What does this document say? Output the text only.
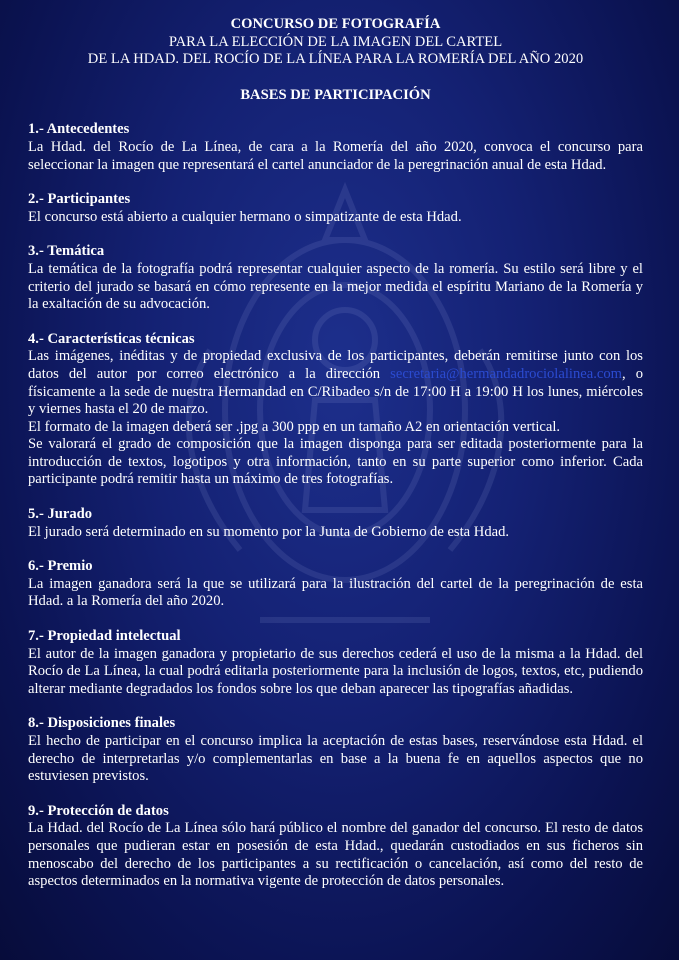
CONCURSO DE FOTOGRAFÍA
PARA LA ELECCIÓN DE LA IMAGEN DEL CARTEL
DE LA HDAD. DEL ROCÍO DE LA LÍNEA PARA LA ROMERÍA DEL AÑO 2020
BASES DE PARTICIPACIÓN
1.- Antecedentes

La Hdad. del Rocío de La Línea, de cara a la Romería del año 2020, convoca el concurso para seleccionar la imagen que representará el cartel anunciador de la peregrinación anual de esta Hdad.

2.- Participantes

El concurso está abierto a cualquier hermano o simpatizante de esta Hdad.

3.- Temática

La temática de la fotografía podrá representar cualquier aspecto de la romería. Su estilo será libre y el criterio del jurado se basará en cómo represente en la mejor medida el espíritu Mariano de la Romería y la exaltación de su advocación.

4.- Características técnicas

Las imágenes, inéditas y de propiedad exclusiva de los participantes, deberán remitirse junto con los datos del autor por correo electrónico a la dirección secretaria@hermandadrociolalinea.com, o físicamente a la sede de nuestra Hermandad en C/Ribadeo s/n de 17:00 H a 19:00 H los lunes, miércoles y viernes hasta el 20 de marzo.

El formato de la imagen deberá ser .jpg a 300 ppp en un tamaño A2 en orientación vertical.

Se valorará el grado de composición que la imagen disponga para ser editada posteriormente para la introducción de textos, logotipos y otra información, tanto en su parte superior como inferior. Cada participante podrá remitir hasta un máximo de tres fotografías.

5.- Jurado

El jurado será determinado en su momento por la Junta de Gobierno de esta Hdad.

6.- Premio

La imagen ganadora será la que se utilizará para la ilustración del cartel de la peregrinación de esta Hdad. a la Romería del año 2020.

7.- Propiedad intelectual

El autor de la imagen ganadora y propietario de sus derechos cederá el uso de la misma a la Hdad. del Rocío de La Línea, la cual podrá editarla posteriormente para la inclusión de logos, textos, etc, pudiendo alterar mediante degradados los fondos sobre los que deban aparecer las tipografías añadidas.

8.- Disposiciones finales

El hecho de participar en el concurso implica la aceptación de estas bases, reservándose esta Hdad. el derecho de interpretarlas y/o complementarlas en base a la buena fe en aquellos aspectos que no estuviesen previstos.

9.- Protección de datos

La Hdad. del Rocío de La Línea sólo hará público el nombre del ganador del concurso. El resto de datos personales que pudieran estar en posesión de esta Hdad., quedarán custodiados en sus ficheros sin menoscabo del derecho de los participantes a su rectificación o cancelación, así como del resto de aspectos determinados en la normativa vigente de protección de datos personales.
